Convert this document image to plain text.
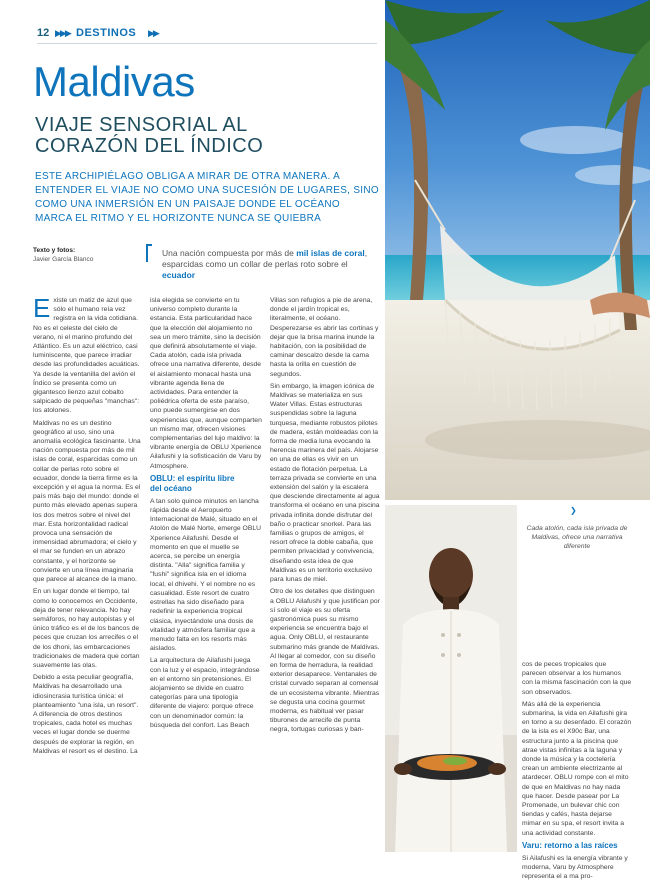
12 ▶▶▶ DESTINOS ▶▶
Maldivas
VIAJE SENSORIAL AL
CORAZÓN DEL ÍNDICO

ESTE ARCHIPIÉLAGO OBLIGA A MIRAR DE OTRA MANERA. A ENTENDER EL VIAJE NO COMO UNA SUCESIÓN DE LUGARES, SINO COMO UNA INMERSIÓN EN UN PAISAJE DONDE EL OCÉANO MARCA EL RITMO Y EL HORIZONTE NUNCA SE QUIEBRA

Texto y fotos:
Javier García Blanco
Una nación compuesta por más de mil islas de coral, esparcidas como un collar de perlas roto sobre el ecuador

Existe un matiz de azul que sólo el humano reía vez registra en la vida cotidiana. No es el celeste del cielo de verano, ni el marino profundo del Atlántico. Es un azul eléctrico, casi luminiscente, que parece irradiar desde las profundidades acuáticas. Ya desde la ventanilla del avión el Índico se presenta como un gigantesco lienzo azul cobalto salpicado de pequeñas "manchas": los atolones.

Maldivas no es un destino geográfico al uso, sino una anomalía ecológica fascinante. Una nación compuesta por más de mil islas de coral, esparcidas como un collar de perlas roto sobre el ecuador, donde la tierra firme es la excepción y el agua la norma. Es el país más bajo del mundo: donde el punto más elevado apenas supera los dos metros sobre el nivel del mar. Esta horizontalidad radical provoca una sensación de inmensidad abrumadora; el cielo y el mar se funden en un abrazo constante, y el horizonte se convierte en una línea imaginaria que parece al alcance de la mano.

En un lugar donde el tiempo, tal como lo conocemos en Occidente, deja de tener relevancia. No hay semáforos, no hay autopistas y el único tráfico es el de los bancos de peces que cruzan los arrecifes o el de los dhoni, las embarcaciones tradicionales de madera que cortan suavemente las olas.

Debido a esta peculiar geografía, Maldivas ha desarrollado una idiosincrasia turística única: el planteamiento "una isla, un resort". A diferencia de otros destinos tropicales, cada hotel es muchas veces el lugar donde se duerme después de explorar la región, en Maldivas el resort es el destino. La

isla elegida se convierte en tu universo completo durante la estancia. Esta particularidad hace que la elección del alojamiento no sea un mero trámite, sino la decisión que definirá absolutamente el viaje. Cada atolón, cada isla privada ofrece una narrativa diferente, desde el aislamiento monacal hasta una vibrante agenda llena de actividades. Para entender la poliédrica oferta de este paraíso, uno puede sumergirse en dos experiencias que, aunque comparten un mismo mar, ofrecen visiones complementarias del lujo maldivo: la vibrante energía de OBLU Xperience Ailafushi y la sofisticación de Varu by Atmosphere.

OBLU: el espíritu libre
del océano

A tan solo quince minutos en lancha rápida desde el Aeropuerto Internacional de Malé, situado en el Atolón de Malé Norte, emerge OBLU Xperience Ailafushi. Desde el momento en que el muelle se acerca, se percibe un energía distinta. "Alla" significa familia y "fushi" significa isla en el idioma local, el dhivehi. Y el nombre no es casualidad. Este resort de cuatro estrellas ha sido diseñado para redefinir la experiencia tropical clásica, inyectándole una dosis de vitalidad y atmósfera familiar que a menudo falta en los resorts más aislados.

La arquitectura de Ailafushi juega con la luz y el espacio, integrándose en el entorno sin pretensiones. El alojamiento se divide en cuatro categorías para una tipología diferente de viajero: porque ofrece con un denominador común: la búsqueda del confort. Las Beach

Villas son refugios a pie de arena, donde el jardín tropical es, literalmente, el océano. Desperezarse es abrir las cortinas y dejar que la brisa marina inunde la habitación, con la posibilidad de caminar descalzo desde la cama hasta la orilla en cuestión de segundos.

Sin embargo, la imagen icónica de Maldivas se materializa en sus Water Villas. Estas estructuras suspendidas sobre la laguna turquesa, mediante robustos pilotes de madera, están moldeadas con la forma de media luna evocando la herencia marinera del país. Alojarse en una de ellas es vivir en un estado de flotación perpetua. La terraza privada se convierte en una extensión del salón y la escalera que desciende directamente al agua transforma el océano en una piscina privada infinita donde disfrutar del baño o practicar snorkel. Para las familias o grupos de amigos, el resort ofrece la doble cabaña, que permiten privacidad y convivencia, diseñando esta idea de que Maldivas es un territorio exclusivo para lunas de miel.

Otro de los detalles que distinguen a OBLU Ailafushi y que justifican por sí solo el viaje es su oferta gastronómica pues su mismo experiencia se encuentra bajo el agua. Only OBLU, el restaurante submarino más grande de Maldivas. Al llegar al comedor, con su diseño en forma de herradura, la realidad exterior desaparece. Ventanales de cristal curvado separan al comensal de un ecosistema vibrante. Mientras se degusta una cocina gourmet moderna, es habitual ver pasar tiburones de arrecife de punta negra, tortugas curiosas y ban-

❯

Cada atolón, cada isla privada de Maldivas, ofrece una narrativa diferente

cos de peces tropicales que parecen observar a los humanos con la misma fascinación con la que son observados.

Más allá de la experiencia submarina, la vida en Ailafushi gira en torno a su desenfado. El corazón de la isla es el X90c Bar, una estructura junto a la piscina que atrae vistas infinitas a la laguna y donde la música y la coctelería crean un ambiente electrizante al atardecer. OBLU rompe con el mito de que en Maldivas no hay nada que hacer. Desde pasear por La Promenade, un bulevar chic con tiendas y cafés, hasta dejarse mimar en su spa, el resort invita a una actividad constante.

Varu: retorno a las raíces

Si Ailafushi es la energía vibrante y moderna, Varu by Atmosphere representa el a ma pro-
